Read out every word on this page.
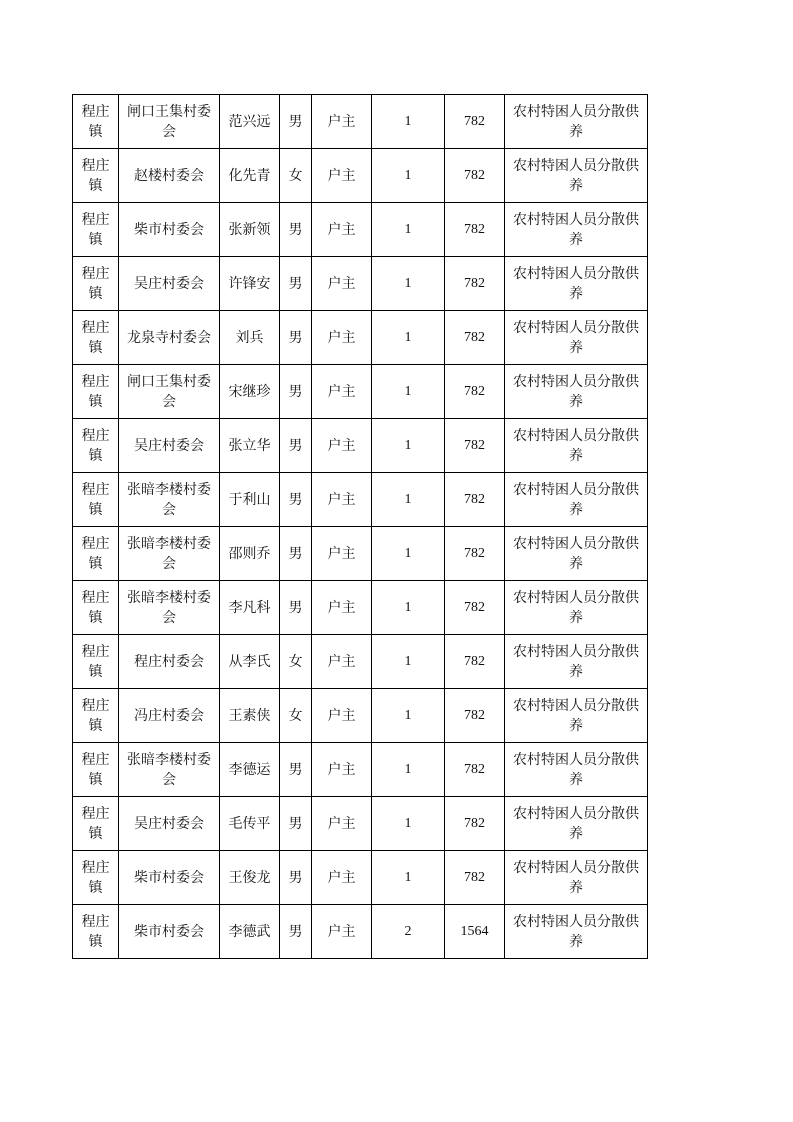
程庄镇	闸口王集村委会	范兴远	男	户主	1	782	农村特困人员分散供养
程庄镇	赵楼村委会	化先青	女	户主	1	782	农村特困人员分散供养
程庄镇	柴市村委会	张新领	男	户主	1	782	农村特困人员分散供养
程庄镇	吴庄村委会	许锋安	男	户主	1	782	农村特困人员分散供养
程庄镇	龙泉寺村委会	刘兵	男	户主	1	782	农村特困人员分散供养
程庄镇	闸口王集村委会	宋继珍	男	户主	1	782	农村特困人员分散供养
程庄镇	吴庄村委会	张立华	男	户主	1	782	农村特困人员分散供养
程庄镇	张暗李楼村委会	于利山	男	户主	1	782	农村特困人员分散供养
程庄镇	张暗李楼村委会	邵则乔	男	户主	1	782	农村特困人员分散供养
程庄镇	张暗李楼村委会	李凡科	男	户主	1	782	农村特困人员分散供养
程庄镇	程庄村委会	从李氏	女	户主	1	782	农村特困人员分散供养
程庄镇	冯庄村委会	王素侠	女	户主	1	782	农村特困人员分散供养
程庄镇	张暗李楼村委会	李德运	男	户主	1	782	农村特困人员分散供养
程庄镇	吴庄村委会	毛传平	男	户主	1	782	农村特困人员分散供养
程庄镇	柴市村委会	王俊龙	男	户主	1	782	农村特困人员分散供养
程庄镇	柴市村委会	李德武	男	户主	2	1564	农村特困人员分散供养
